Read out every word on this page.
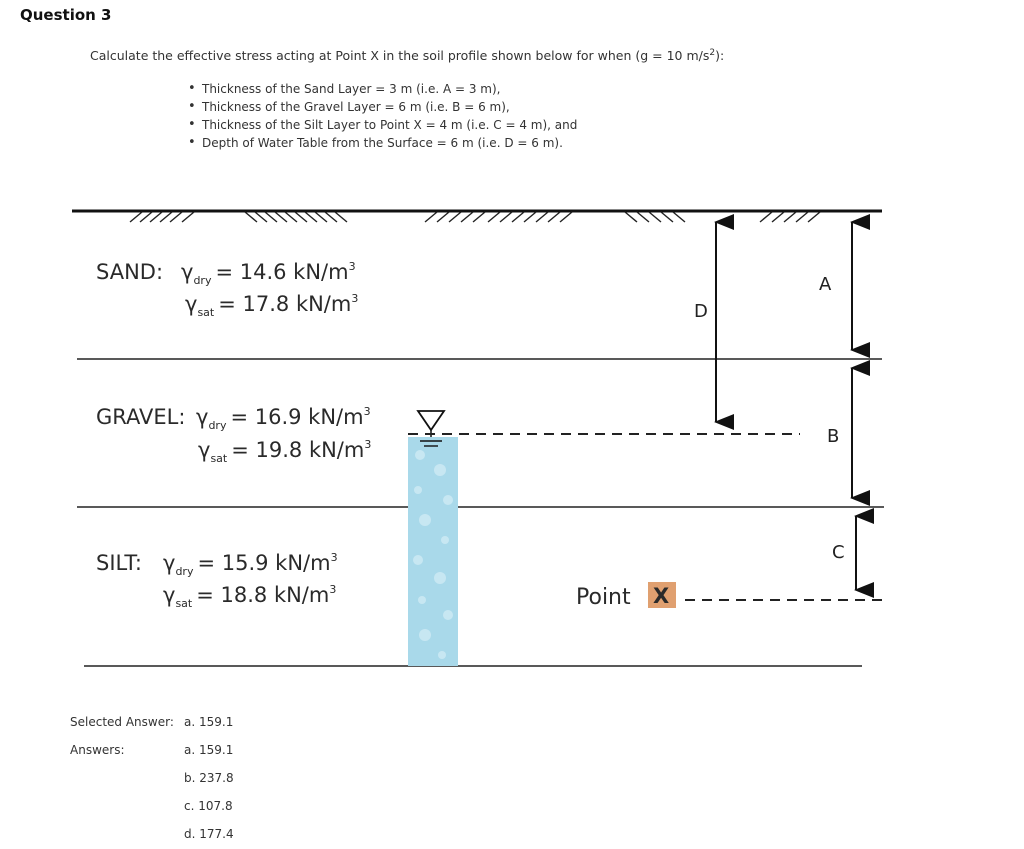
Question 3
Calculate the effective stress acting at Point X in the soil profile shown below for when (g = 10 $m/s^2$):
• Thickness of the Sand Layer = 3 m (i.e. A = 3 m),
• Thickness of the Gravel Layer = 6 m (i.e. B = 6 m),
• Thickness of the Silt Layer to Point X = 4 m (i.e. C = 4 m), and
• Depth of Water Table from the Surface = 6 m (i.e. D = 6 m).
D
A
B
C
Point X
SAND: $\gamma_{dry} = 14.6$ $kN/m^3$
$\gamma_{sat} = 17.8$ $kN/m^3$
GRAVEL: $\gamma_{dry} = 16.9$ $kN/m^3$
$\gamma_{sat} = 19.8$ $kN/m^3$
SILT: $\gamma_{dry} = 15.9$ $kN/m^3$
$\gamma_{sat} = 18.8$ $kN/m^3$
Selected Answer: a. 159.1
Answers:	a. 159.1
b. 237.8
c. 107.8
d. 177.4
